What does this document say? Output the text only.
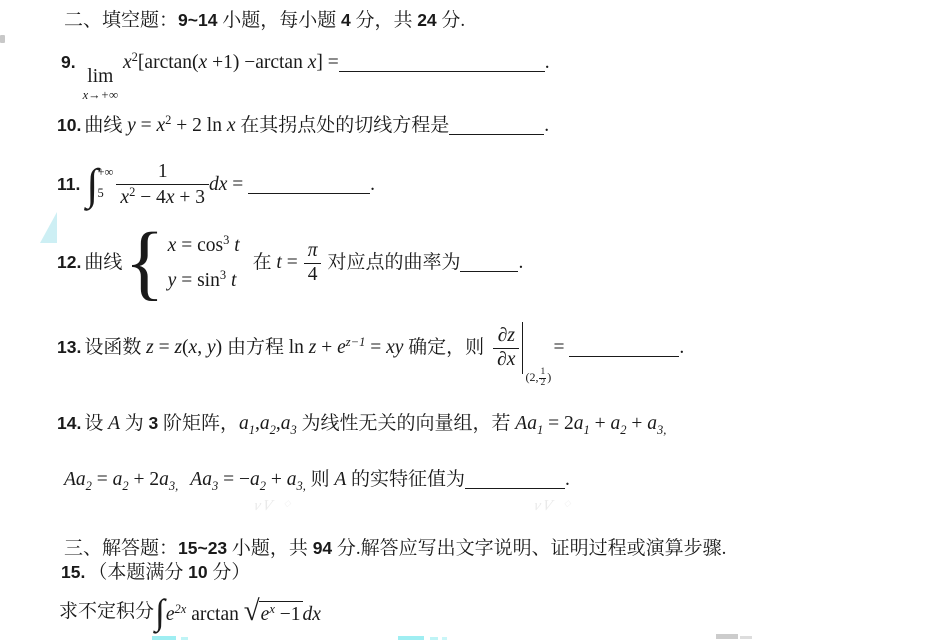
二、填空题：9~14 小题，每小题 4 分，共 24 分.
9.
lim
x→+∞
$x^2[\arctan(x +1) -\arctan$ x] =	.
10. 曲线 $y = x^2 + 2$ ln x 在其拐点处的切线方程是	.
11. ∫ +∞
$5 \frac{1}{x^2 - 4x + 3}$ dx =	.
12. 曲线 { $x = \cos^3 t$
$y = \sin^3 t$
在 $t = \frac{\pi}{4}$ 对应点的曲率为	.
13. 设函数 z = z(x, y) 由方程 $\ln z + e^{z-1}$ = xy 确定，则 $\frac{\partial z}{\partial x}$
(2, $\frac{1}{2}$ )
=	.
14. 设 A 为 3 阶矩阵，$a_1,a_2,a_3$ 为线性无关的向量组，若 $Aa_1 = 2a_1 + a_2 + a_{3,}$
$Aa_2 = a_2 + 2a_{3,}$ $Aa_3 = -a_2 + a_{3,}$ 则 A 的实特征值为	.
三、解答题：15~23 小题，共 94 分.解答应写出文字说明、证明过程或演算步骤.
15. （本题满分 10 分）
求不定积分 ∫ $e^{2x}$ $\arctan √e^x -1$ dx
vV ◇	vV ◇
